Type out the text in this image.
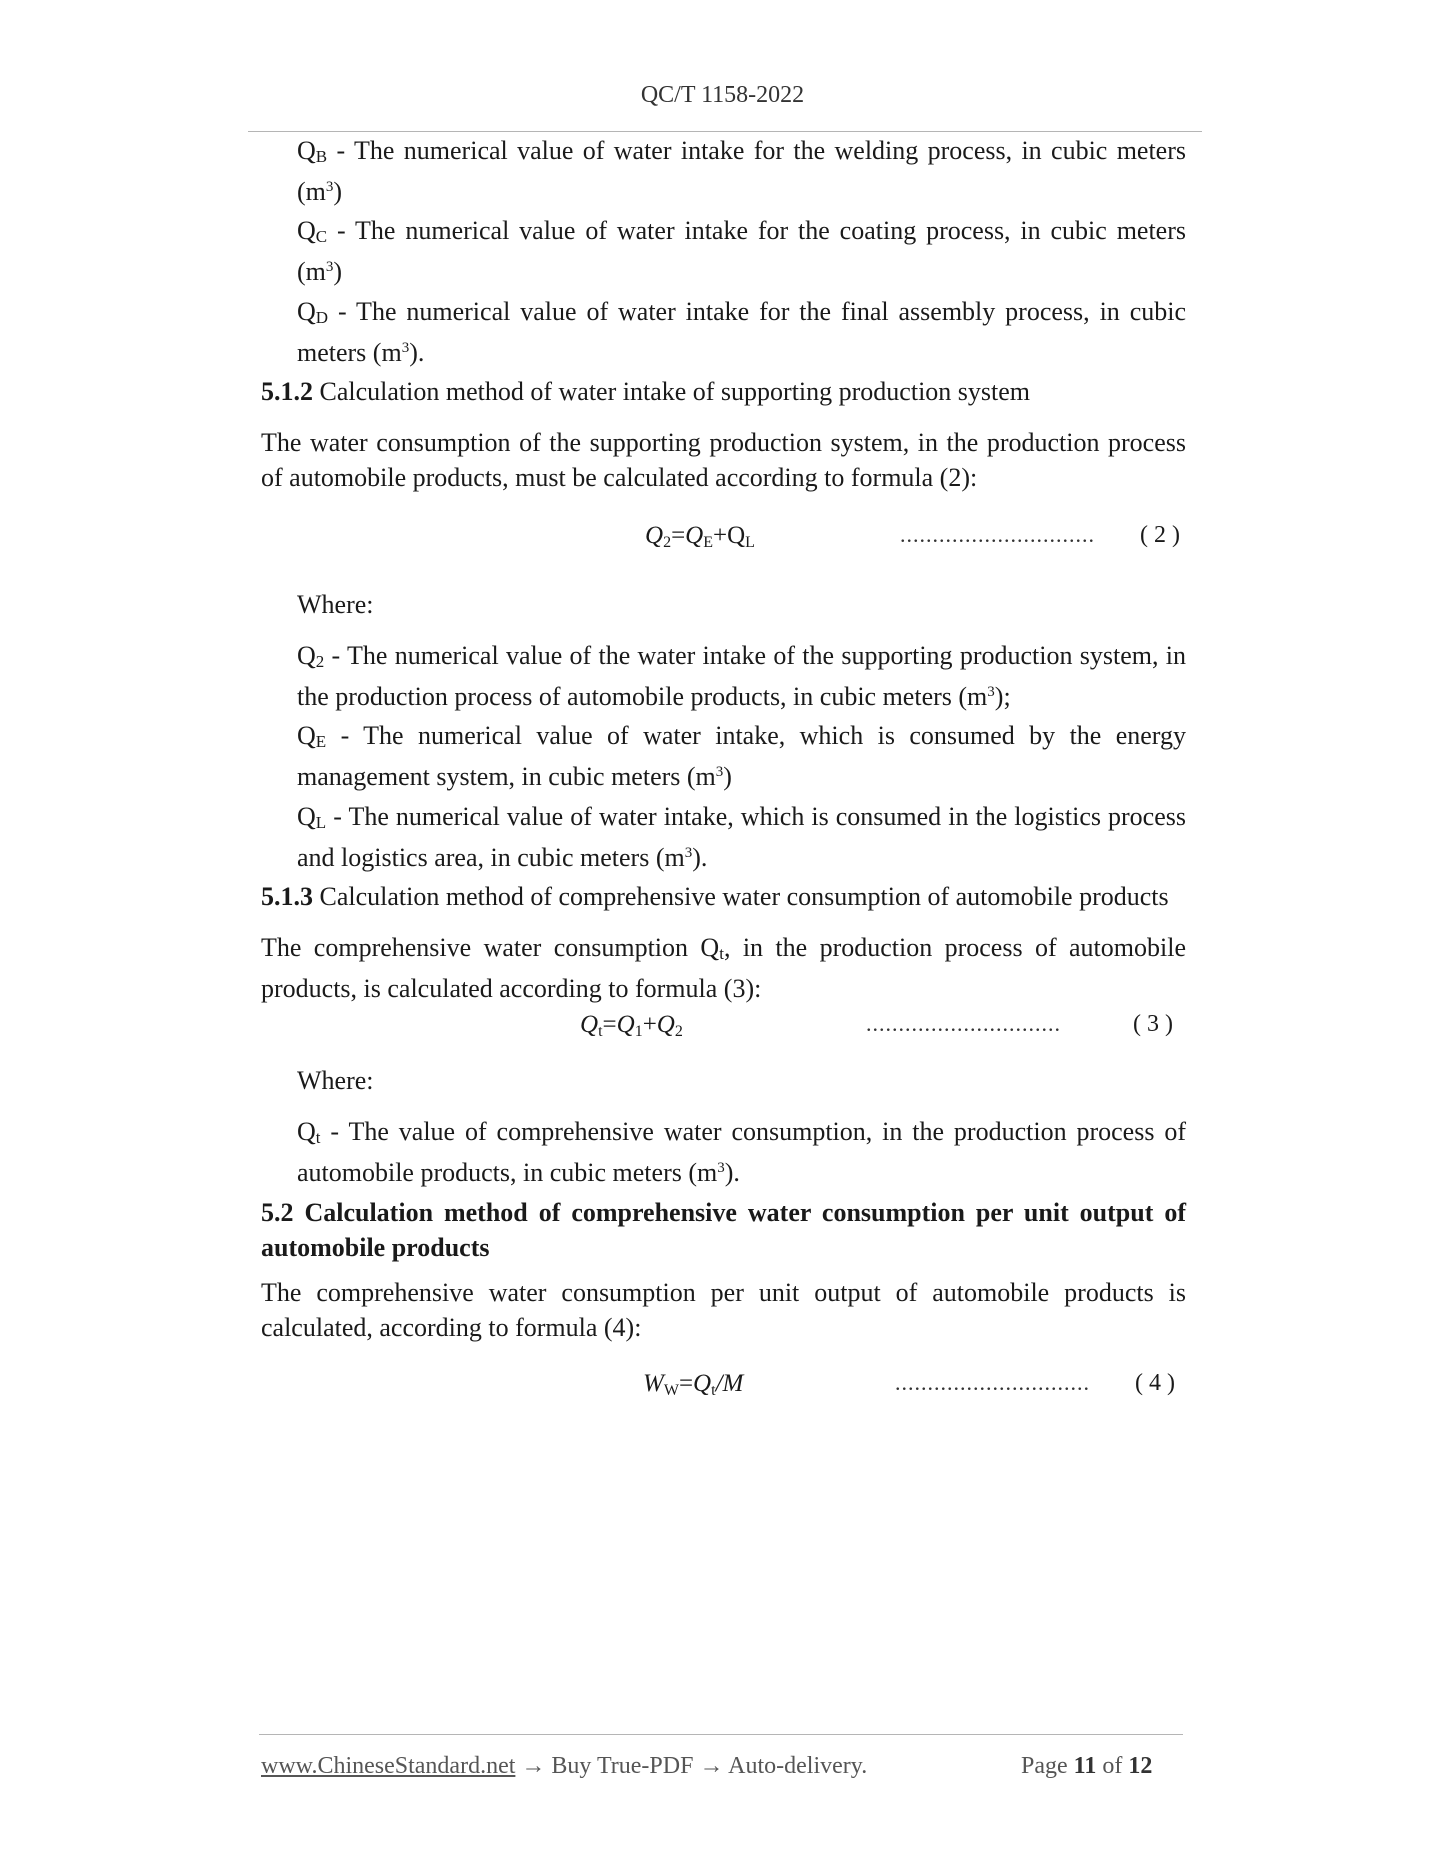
QC/T 1158-2022
QB - The numerical value of water intake for the welding process, in cubic meters $(m^3)$
QC - The numerical value of water intake for the coating process, in cubic meters $(m^3)$
QD - The numerical value of water intake for the final assembly process, in cubic meters $(m^3)$.
5.1.2 Calculation method of water intake of supporting production system
The water consumption of the supporting production system, in the production process of automobile products, must be calculated according to formula (2):
Q2=QE+QL	.............................. ( 2 )
Where:
Q2 - The numerical value of the water intake of the supporting production system, in the production process of automobile products, in cubic meters $(m^3)$;
QE - The numerical value of water intake, which is consumed by the energy management system, in cubic meters $(m^3)$
QL - The numerical value of water intake, which is consumed in the logistics process and logistics area, in cubic meters $(m^3)$.
5.1.3 Calculation method of comprehensive water consumption of automobile products
The comprehensive water consumption Qt, in the production process of automobile products, is calculated according to formula (3):
Qt=Q1+Q2	..............................	( 3 )
Where:
Qt - The value of comprehensive water consumption, in the production process of automobile products, in cubic meters $(m^3)$.
5.2 Calculation method of comprehensive water consumption per unit output of automobile products
The comprehensive water consumption per unit output of automobile products is calculated, according to formula (4):
WW=Qt/M	.............................. ( 4 )
www.ChineseStandard.net → Buy True-PDF → Auto-delivery.	Page 11 of 12
